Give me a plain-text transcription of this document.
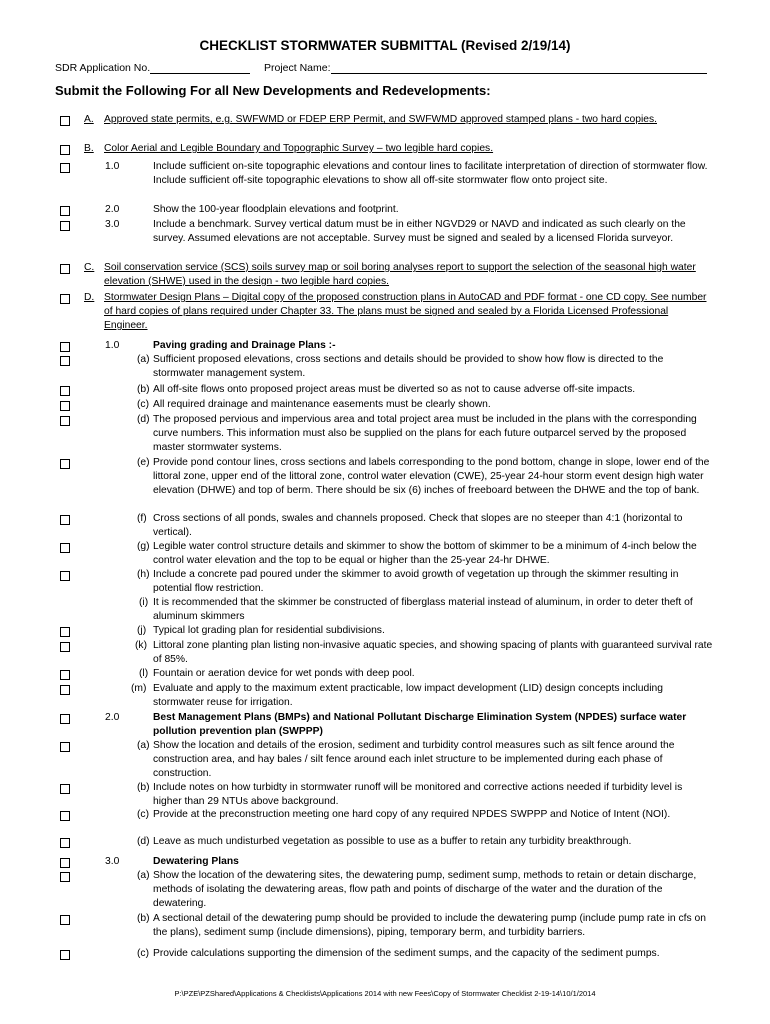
CHECKLIST STORMWATER SUBMITTAL (Revised 2/19/14)
SDR Application No.	Project Name:
Submit the Following For all New Developments and Redevelopments:
A. Approved state permits, e.g. SWFWMD or FDEP ERP Permit, and SWFWMD approved stamped plans - two hard copies.
B. Color Aerial and Legible Boundary and Topographic Survey – two legible hard copies.
1.0	Include sufficient on-site topographic elevations and contour lines to facilitate interpretation of direction of stormwater flow. Include sufficient off-site topographic elevations to show all off-site stormwater flow onto project site.
2.0	Show the 100-year floodplain elevations and footprint.
3.0	Include a benchmark. Survey vertical datum must be in either NGVD29 or NAVD and indicated as such clearly on the survey. Assumed elevations are not acceptable. Survey must be signed and sealed by a licensed Florida surveyor.
C. Soil conservation service (SCS) soils survey map or soil boring analyses report to support the selection of the seasonal high water elevation (SHWE) used in the design - two legible hard copies.
D. Stormwater Design Plans – Digital copy of the proposed construction plans in AutoCAD and PDF format - one CD copy. See number of hard copies of plans required under Chapter 33. The plans must be signed and sealed by a Florida Licensed Professional Engineer.
1.0	Paving grading and Drainage Plans :-
(a) Sufficient proposed elevations, cross sections and details should be provided to show how flow is directed to the stormwater management system.
(b) All off-site flows onto proposed project areas must be diverted so as not to cause adverse off-site impacts.
(c) All required drainage and maintenance easements must be clearly shown.
(d) The proposed pervious and impervious area and total project area must be included in the plans with the corresponding curve numbers. This information must also be supplied on the plans for each future outparcel served by the proposed master stormwater systems.
(e) Provide pond contour lines, cross sections and labels corresponding to the pond bottom, change in slope, lower end of the littoral zone, upper end of the littoral zone, control water elevation (CWE), 25-year 24-hour storm event design high water elevation (DHWE) and top of berm. There should be six (6) inches of freeboard between the DHWE and the top of bank.
(f) Cross sections of all ponds, swales and channels proposed. Check that slopes are no steeper than 4:1 (horizontal to vertical).
(g) Legible water control structure details and skimmer to show the bottom of skimmer to be a minimum of 4-inch below the control water elevation and the top to be equal or higher than the 25-year 24-hr DHWE.
(h) Include a concrete pad poured under the skimmer to avoid growth of vegetation up through the skimmer resulting in potential flow restriction.
(i) It is recommended that the skimmer be constructed of fiberglass material instead of aluminum, in order to deter theft of aluminum skimmers
(j) Typical lot grading plan for residential subdivisions.
(k) Littoral zone planting plan listing non-invasive aquatic species, and showing spacing of plants with guaranteed survival rate of 85%.
(l) Fountain or aeration device for wet ponds with deep pool.
(m) Evaluate and apply to the maximum extent practicable, low impact development (LID) design concepts including stormwater reuse for irrigation.
2.0	Best Management Plans (BMPs) and National Pollutant Discharge Elimination System (NPDES) surface water pollution prevention plan (SWPPP)
(a) Show the location and details of the erosion, sediment and turbidity control measures such as silt fence around the construction area, and hay bales / silt fence around each inlet structure to be implemented during each phase of construction.
(b) Include notes on how turbidty in stormwater runoff will be monitored and corrective actions needed if turbidity level is higher than 29 NTUs above background.
(c) Provide at the preconstruction meeting one hard copy of any required NPDES SWPPP and Notice of Intent (NOI).
(d) Leave as much undisturbed vegetation as possible to use as a buffer to retain any turbidity breakthrough.
3.0	Dewatering Plans
(a) Show the location of the dewatering sites, the dewatering pump, sediment sump, methods to retain or detain discharge, methods of isolating the dewatering areas, flow path and points of discharge of the water and the duration of the dewatering.
(b) A sectional detail of the dewatering pump should be provided to include the dewatering pump (include pump rate in cfs on the plans), sediment sump (include dimensions), piping, temporary berm, and turbidity barriers.
(c) Provide calculations supporting the dimension of the sediment sumps, and the capacity of the sediment pumps.
P:\PZE\PZShared\Applications & Checklists\Applications 2014 with new Fees\Copy of Stormwater Checklist 2-19-14\10/1/2014
